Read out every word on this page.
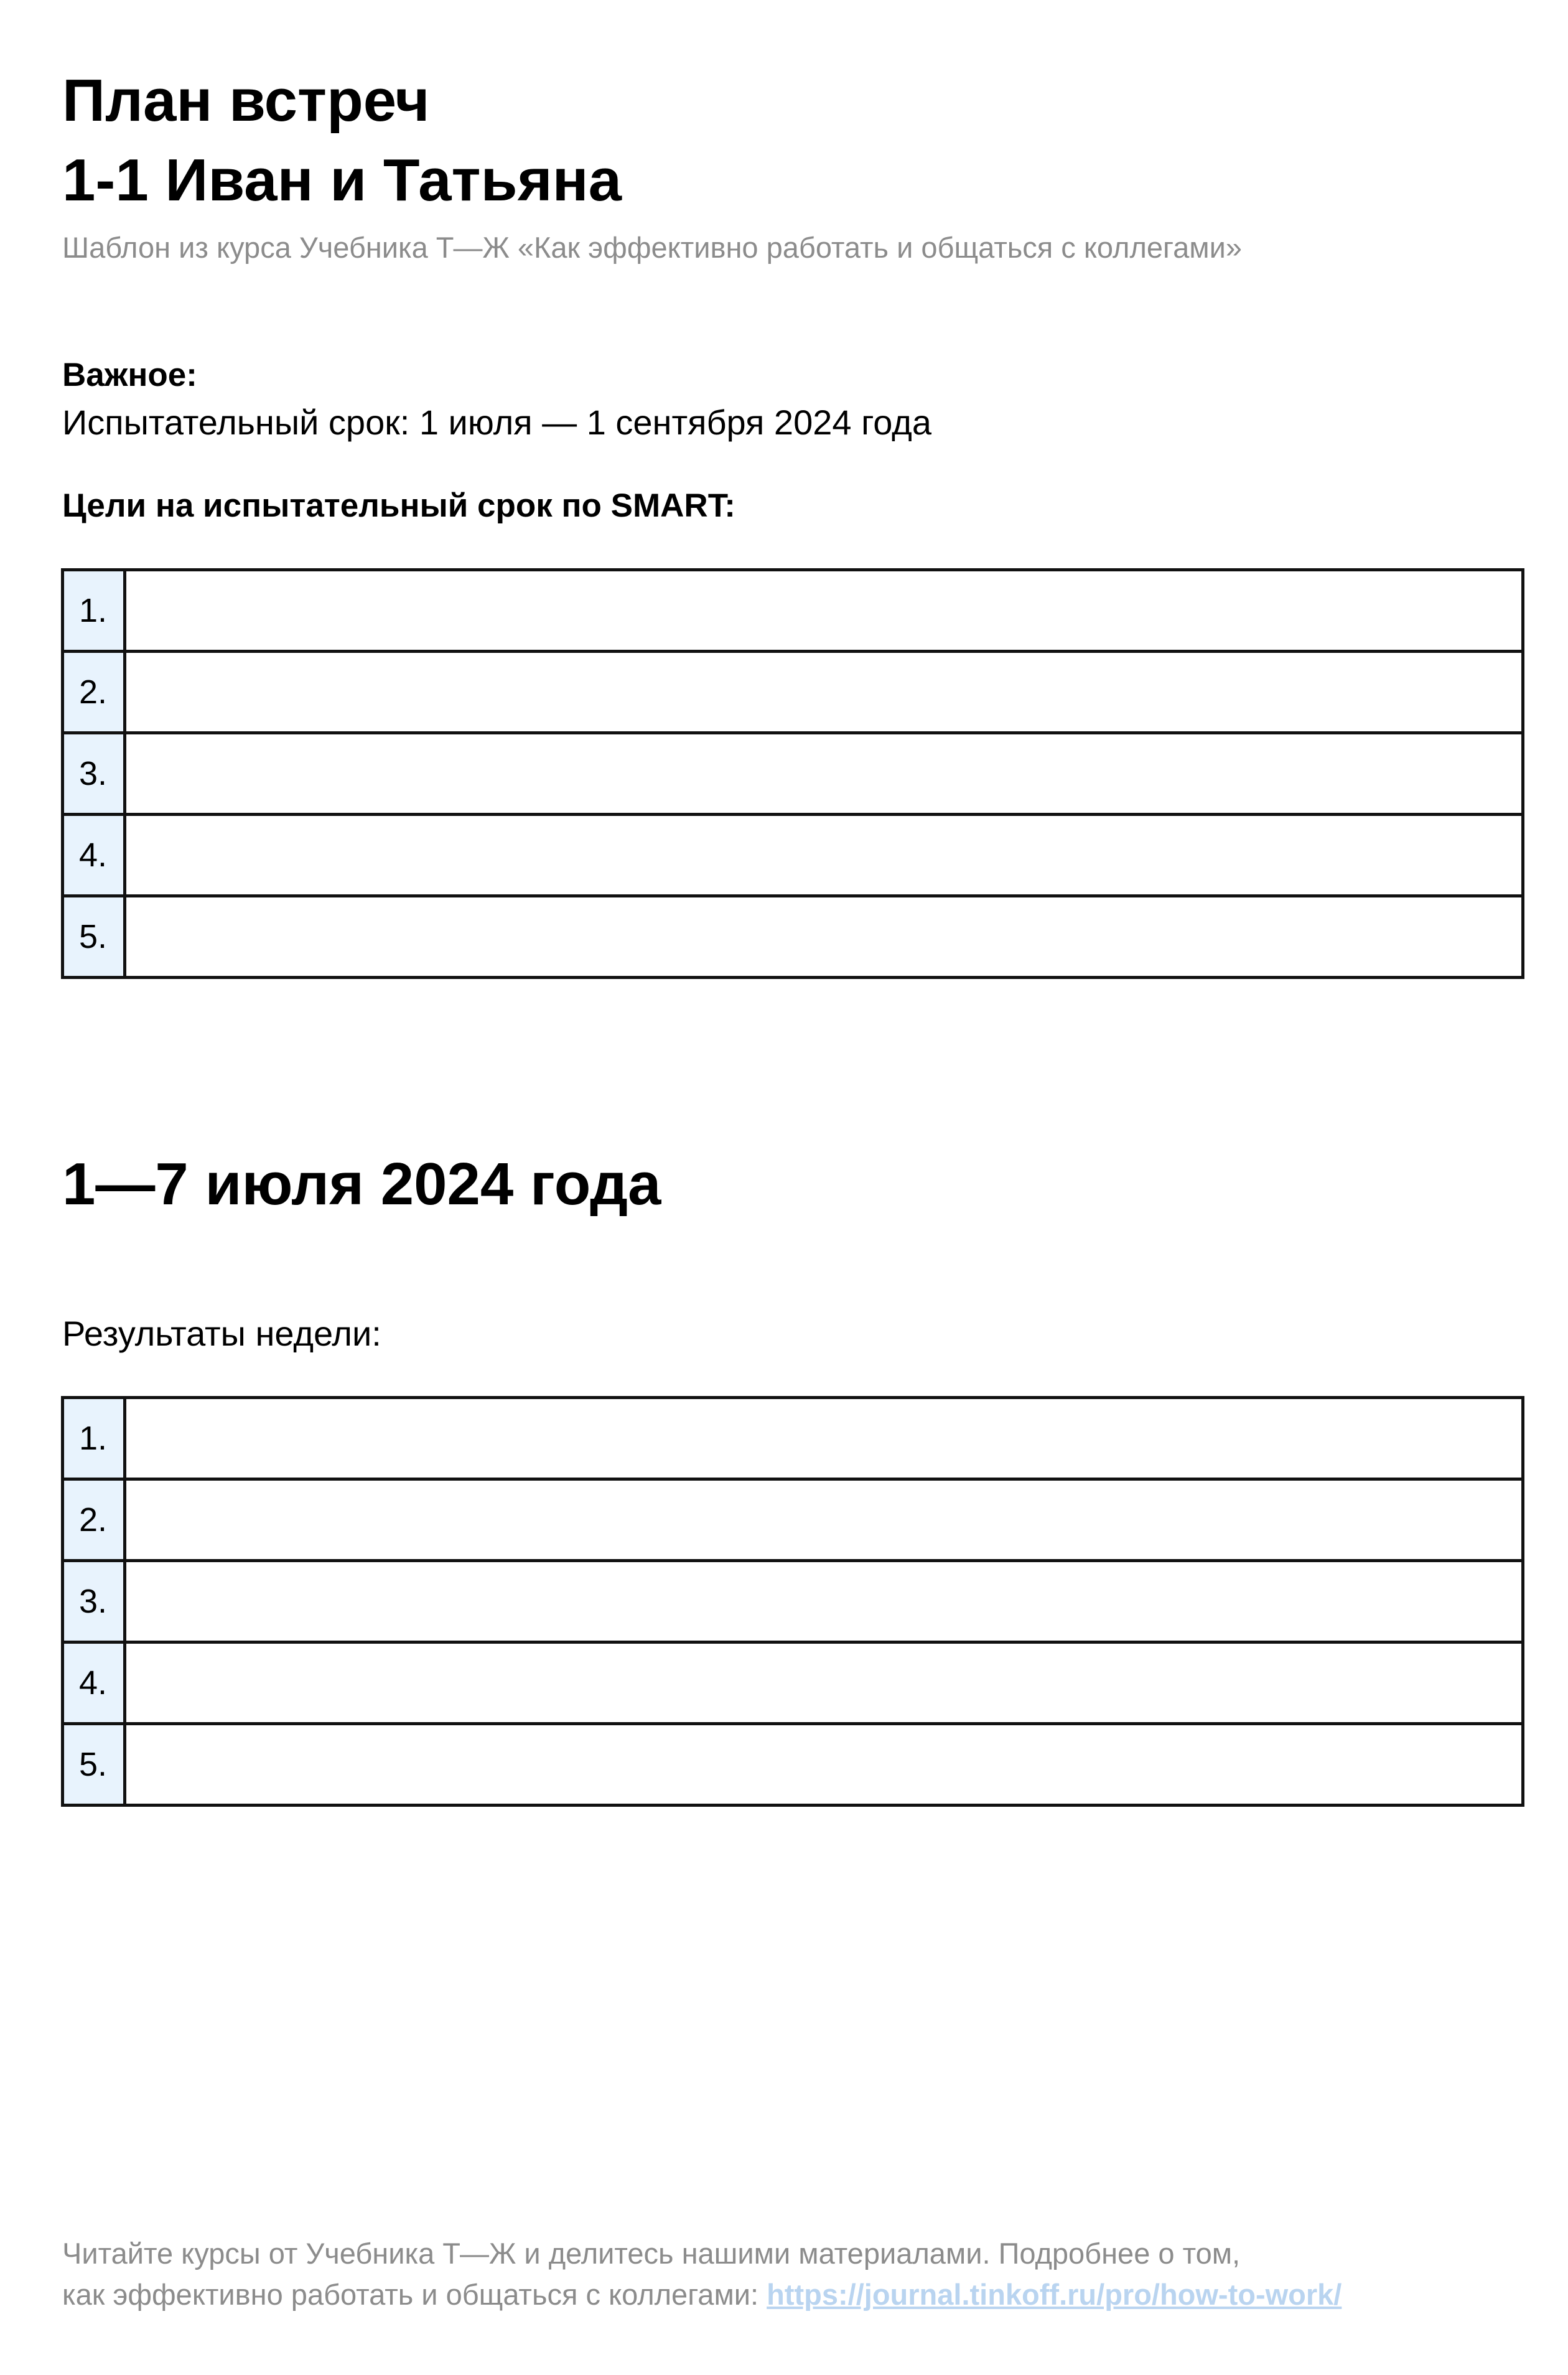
План встреч
1-1 Иван и Татьяна

Шаблон из курса Учебника Т—Ж «Как эффективно работать и общаться с коллегами»

Важное:

Испытательный срок: 1 июля — 1 сентября 2024 года

Цели на испытательный срок по SMART:

1.	
2.	
3.	
4.	
5.	
1—7 июля 2024 года

Результаты недели:

1.	
2.	
3.	
4.	
5.	
Читайте курсы от Учебника Т—Ж и делитесь нашими материалами. Подробнее о том,
как эффективно работать и общаться с коллегами: https://journal.tinkoff.ru/pro/how-to-work/
